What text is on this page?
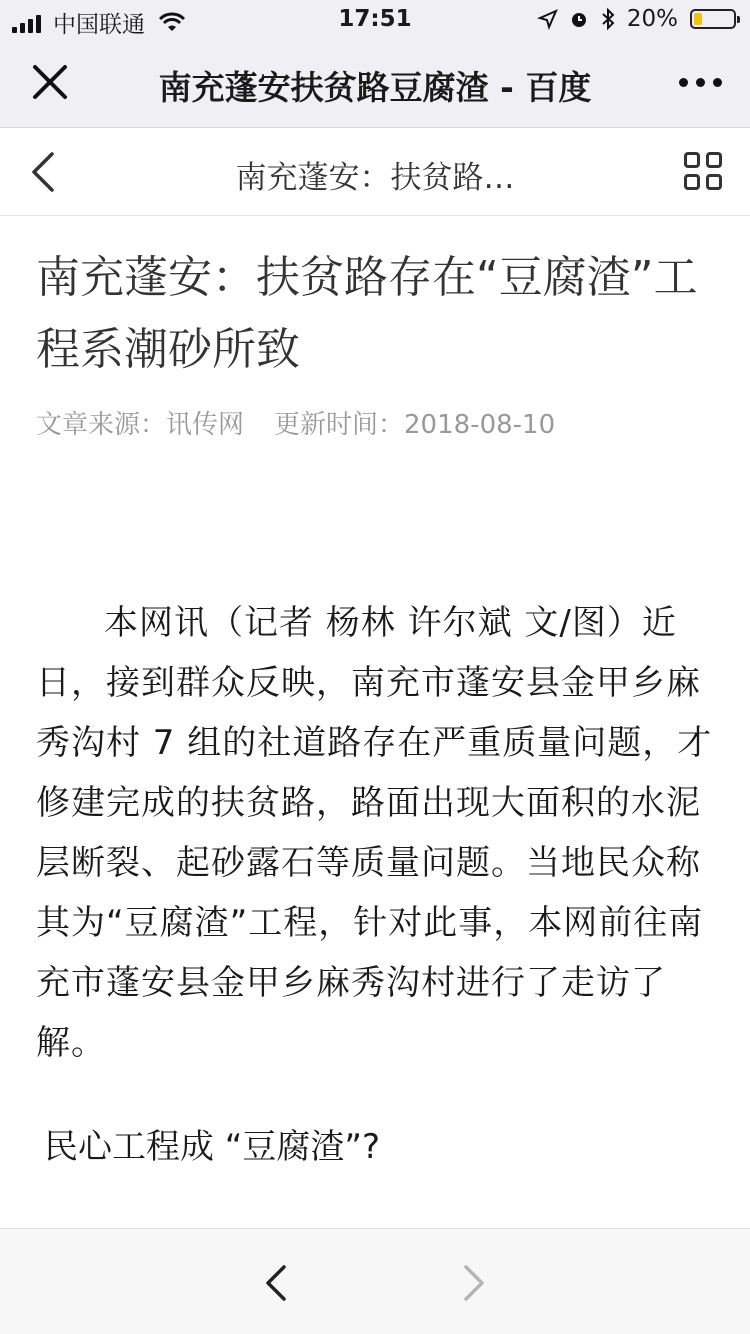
中国联通	17:51	20%
南充蓬安扶贫路豆腐渣 - 百度
南充蓬安：扶贫路…
南充蓬安：扶贫路存在“豆腐渣”工程系潮砂所致
文章来源：讯传网 更新时间：2018-08-10

本网讯（记者 杨林 许尔斌 文/图）近日，接到群众反映，南充市蓬安县金甲乡麻秀沟村 7 组的社道路存在严重质量问题，才修建完成的扶贫路，路面出现大面积的水泥层断裂、起砂露石等质量问题。当地民众称其为“豆腐渣”工程，针对此事，本网前往南充市蓬安县金甲乡麻秀沟村进行了走访了解。

民心工程成 “豆腐渣”?
